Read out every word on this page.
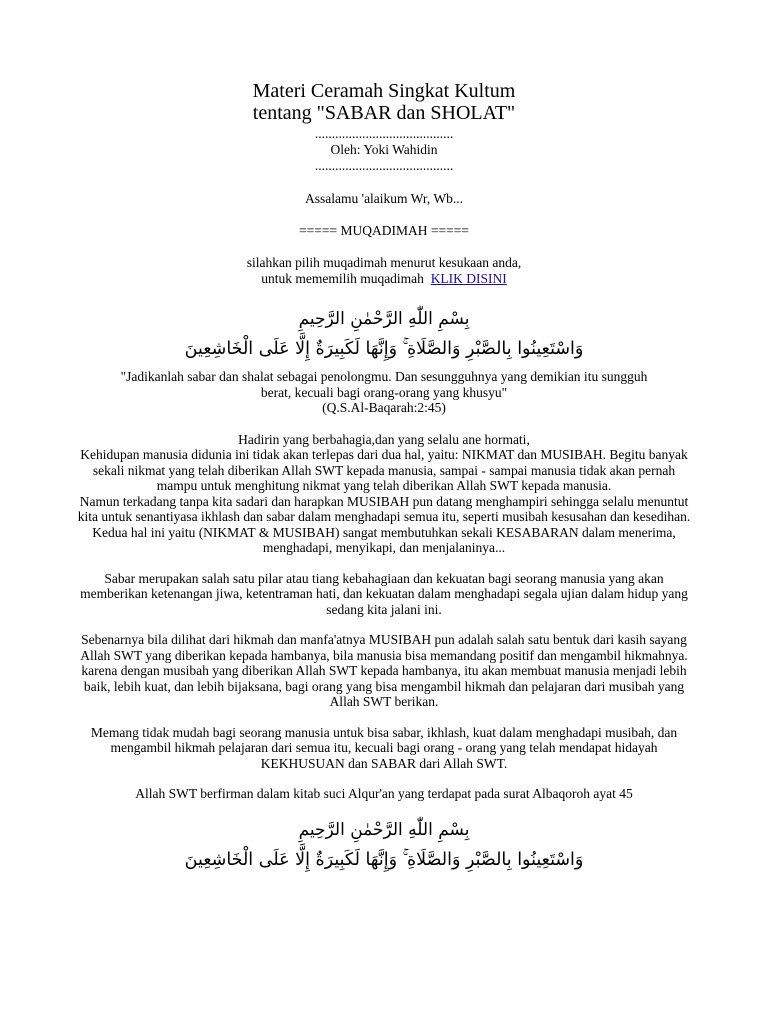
Materi Ceramah Singkat Kultum
tentang "SABAR dan SHOLAT"
.........................................
Oleh: Yoki Wahidin
.........................................
Assalamu 'alaikum Wr, Wb...
===== MUQADIMAH =====
silahkan pilih muqadimah menurut kesukaan anda,
untuk mememilih muqadimah KLIK DISINI
بِسْمِ اللّٰهِ الرَّحْمٰنِ الرَّحِيمِ
وَاسْتَعِينُوا بِالصَّبْرِ وَالصَّلَاةِ ۚ وَإِنَّهَا لَكَبِيرَةٌ إِلَّا عَلَى الْخَاشِعِينَ
"Jadikanlah sabar dan shalat sebagai penolongmu. Dan sesungguhnya yang demikian itu sungguh berat, kecuali bagi orang-orang yang khusyu"
(Q.S.Al-Baqarah:2:45)
Hadirin yang berbahagia,dan yang selalu ane hormati,
Kehidupan manusia didunia ini tidak akan terlepas dari dua hal, yaitu: NIKMAT dan MUSIBAH. Begitu banyak sekali nikmat yang telah diberikan Allah SWT kepada manusia, sampai - sampai manusia tidak akan pernah mampu untuk menghitung nikmat yang telah diberikan Allah SWT kepada manusia.
Namun terkadang tanpa kita sadari dan harapkan MUSIBAH pun datang menghampiri sehingga selalu menuntut kita untuk senantiyasa ikhlash dan sabar dalam menghadapi semua itu, seperti musibah kesusahan dan kesedihan. Kedua hal ini yaitu (NIKMAT & MUSIBAH) sangat membutuhkan sekali KESABARAN dalam menerima, menghadapi, menyikapi, dan menjalaninya...
Sabar merupakan salah satu pilar atau tiang kebahagiaan dan kekuatan bagi seorang manusia yang akan memberikan ketenangan jiwa, ketentraman hati, dan kekuatan dalam menghadapi segala ujian dalam hidup yang sedang kita jalani ini.
Sebenarnya bila dilihat dari hikmah dan manfa'atnya MUSIBAH pun adalah salah satu bentuk dari kasih sayang Allah SWT yang diberikan kepada hambanya, bila manusia bisa memandang positif dan mengambil hikmahnya. karena dengan musibah yang diberikan Allah SWT kepada hambanya, itu akan membuat manusia menjadi lebih baik, lebih kuat, dan lebih bijaksana, bagi orang yang bisa mengambil hikmah dan pelajaran dari musibah yang Allah SWT berikan.
Memang tidak mudah bagi seorang manusia untuk bisa sabar, ikhlash, kuat dalam menghadapi musibah, dan mengambil hikmah pelajaran dari semua itu, kecuali bagi orang - orang yang telah mendapat hidayah KEKHUSUAN dan SABAR dari Allah SWT.
Allah SWT berfirman dalam kitab suci Alqur'an yang terdapat pada surat Albaqoroh ayat 45
بِسْمِ اللّٰهِ الرَّحْمٰنِ الرَّحِيمِ
وَاسْتَعِينُوا بِالصَّبْرِ وَالصَّلَاةِ ۚ وَإِنَّهَا لَكَبِيرَةٌ إِلَّا عَلَى الْخَاشِعِينَ
